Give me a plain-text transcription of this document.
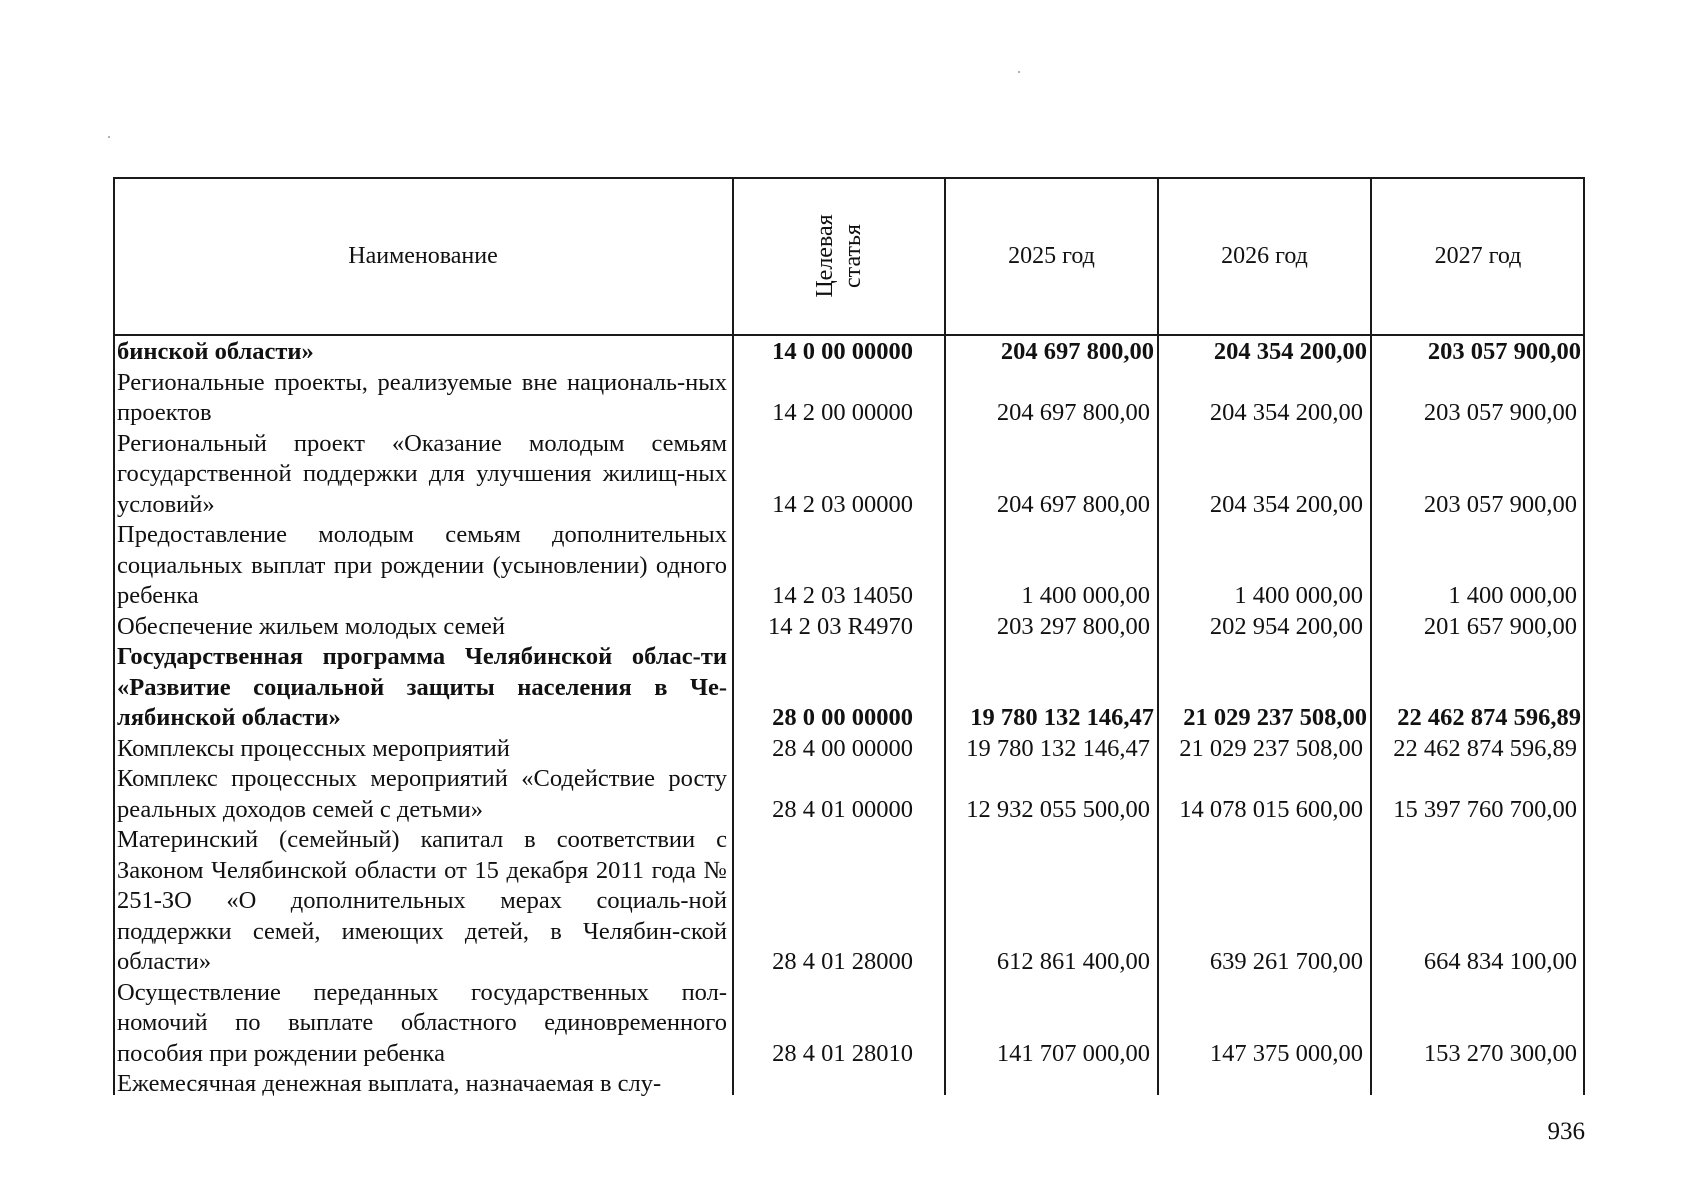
Наименование	Целевая статья	2025 год	2026 год	2027 год
бинской области»	14 0 00 00000	204 697 800,00	204 354 200,00	203 057 900,00
Региональные проекты, реализуемые вне националь-ных проектов	14 2 00 00000	204 697 800,00	204 354 200,00	203 057 900,00
Региональный проект «Оказание молодым семьям государственной поддержки для улучшения жилищ-ных условий»	14 2 03 00000	204 697 800,00	204 354 200,00	203 057 900,00
Предоставление молодым семьям дополнительных социальных выплат при рождении (усыновлении) одного ребенка	14 2 03 14050	1 400 000,00	1 400 000,00	1 400 000,00
Обеспечение жильем молодых семей	14 2 03 R4970	203 297 800,00	202 954 200,00	201 657 900,00
Государственная программа Челябинской облас-ти «Развитие социальной защиты населения в Че-лябинской области»	28 0 00 00000	19 780 132 146,47	21 029 237 508,00	22 462 874 596,89
Комплексы процессных мероприятий	28 4 00 00000	19 780 132 146,47	21 029 237 508,00	22 462 874 596,89
Комплекс процессных мероприятий «Содействие росту реальных доходов семей с детьми»	28 4 01 00000	12 932 055 500,00	14 078 015 600,00	15 397 760 700,00
Материнский (семейный) капитал в соответствии с Законом Челябинской области от 15 декабря 2011 года № 251-ЗО «О дополнительных мерах социаль-ной поддержки семей, имеющих детей, в Челябин-ской области»	28 4 01 28000	612 861 400,00	639 261 700,00	664 834 100,00
Осуществление переданных государственных пол-номочий по выплате областного единовременного пособия при рождении ребенка	28 4 01 28010	141 707 000,00	147 375 000,00	153 270 300,00
Ежемесячная денежная выплата, назначаемая в слу-
936
